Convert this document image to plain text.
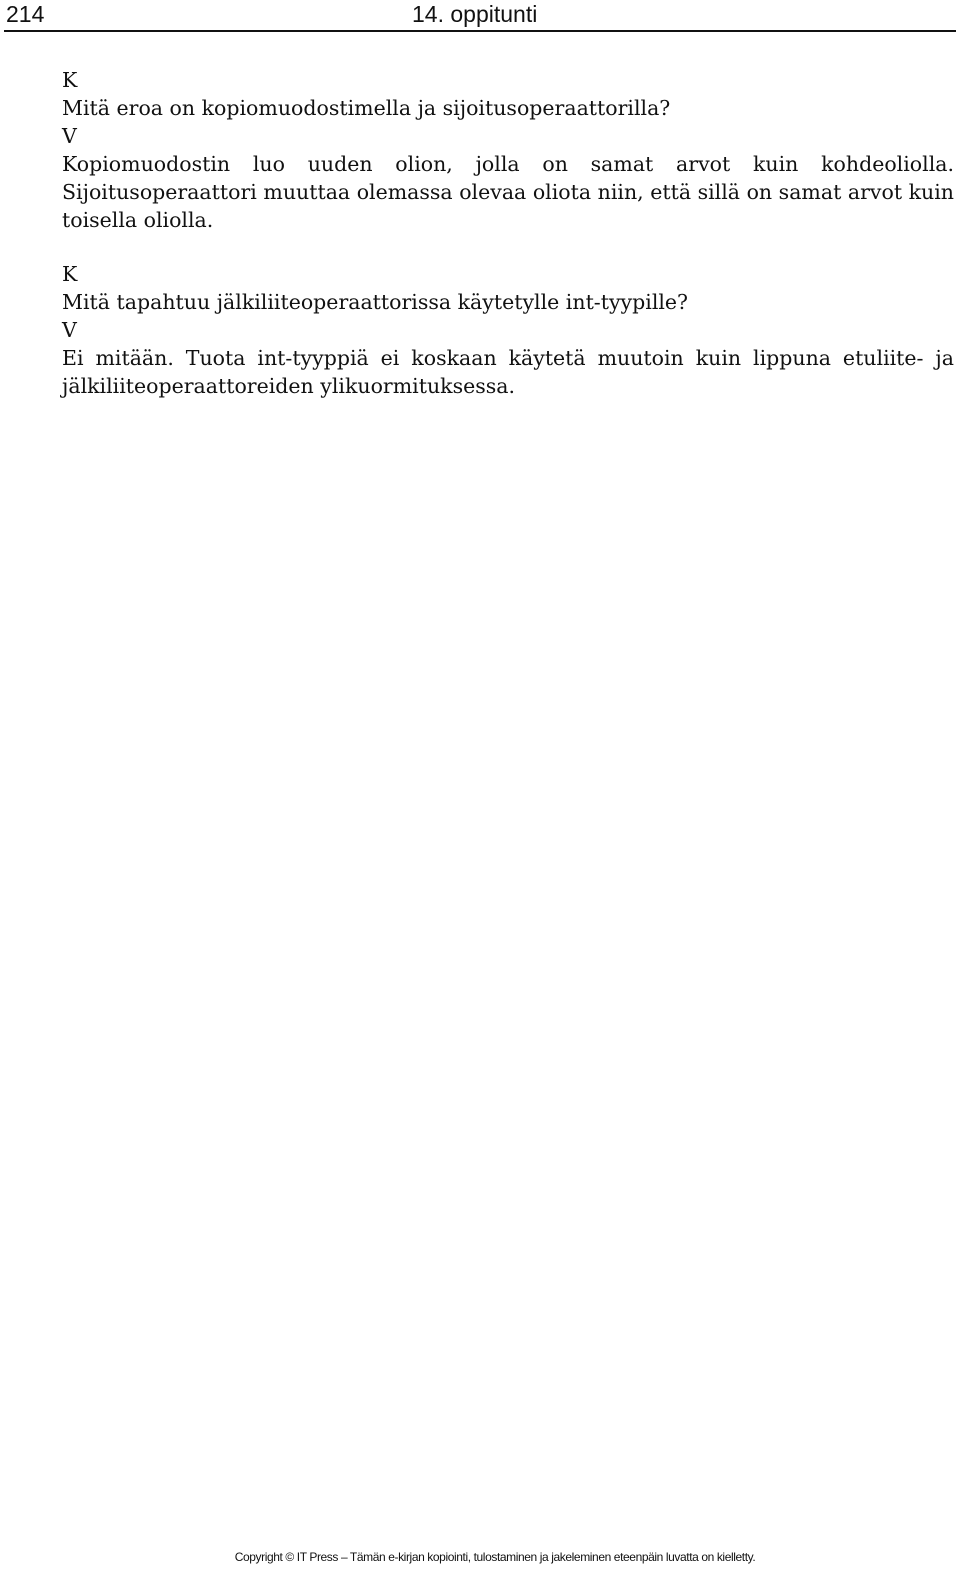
214	14. oppitunti
K
Mitä eroa on kopiomuodostimella ja sijoitusoperaattorilla?
V
Kopiomuodostin luo uuden olion, jolla on samat arvot kuin kohdeoliolla. Sijoitusoperaattori muuttaa olemassa olevaa oliota niin, että sillä on samat arvot kuin toisella oliolla.
K
Mitä tapahtuu jälkiliiteoperaattorissa käytetylle int-tyypille?
V
Ei mitään. Tuota int-tyyppiä ei koskaan käytetä muutoin kuin lippuna etuliite- ja jälkiliiteoperaattoreiden ylikuormituksessa.
Copyright © IT Press – Tämän e-kirjan kopiointi, tulostaminen ja jakeleminen eteenpäin luvatta on kielletty.
